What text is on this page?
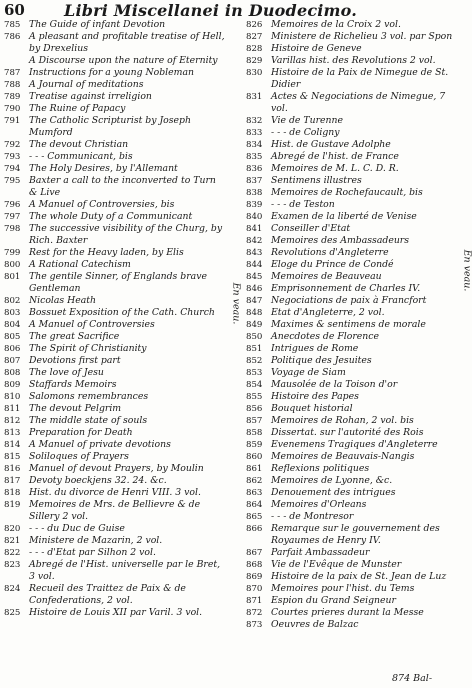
60 Libri Miscellanei in Duodecimo.
785 The Guide of infant Devotion
786 A pleasant and profitable treatise of Hell, by Drexelius
A Discourse upon the nature of Eternity
787 Instructions for a young Nobleman
788 A Journal of meditations
789 Treatise against irreligion
790 The Ruine of Papacy
791 The Catholic Scripturist by Joseph Mumford
792 The devout Christian
793 - - - Communicant, bis
794 The Holy Desires, by l'Allemant
795 Baxter a call to the inconverted to Turn & Live
796 A Manuel of Controversies, bis
797 The whole Duty of a Communicant
798 The successive visibility of the Churg, by Rich. Baxter
799 Rest for the Heavy laden, by Elis
800 A Rational Catechism
801 The gentile Sinner, of Englands brave Gentleman
802 Nicolas Heath
803 Bossuet Exposition of the Cath. Church
804 A Manuel of Controversies
805 The great Sacrifice
806 The Spirit of Christianity
807 Devotions first part
808 The love of Jesu
809 Staffards Memoirs
810 Salomons remembrances
811 The devout Pelgrim
812 The middle state of souls
813 Preparation for Death
814 A Manuel of private devotions
815 Soliloques of Prayers
816 Manuel of devout Prayers, by Moulin
817 Devoty boeckjens 32. 24. &c.
818 Hist. du divorce de Henri VIII. 3 vol.
819 Memoires de Mrs. de Bellievre & de Sillery 2 vol.
820 - - - du Duc de Guise
821 Ministere de Mazarin, 2 vol.
822 - - - d'Etat par Silhon 2 vol.
823 Abregé de l'Hist. universelle par le Bret, 3 vol.
824 Recueil des Traittez de Paix & de Confederations, 2 vol.
825 Histoire de Louis XII par Varil. 3 vol.
826 Memoires de la Croix 2 vol.
827 Ministere de Richelieu 3 vol. par Spon
828 Histoire de Geneve
829 Varillas hist. des Revolutions 2 vol.
830 Histoire de la Paix de Nimegue de St. Didier
831 Actes & Negociations de Nimegue, 7 vol.
832 Vie de Turenne
833 - - - de Coligny
834 Hist. de Gustave Adolphe
835 Abregé de l'hist. de France
836 Memoires de M. L. C. D. R.
837 Sentimens illustres
838 Memoires de Rochefaucault, bis
839 - - - de Teston
840 Examen de la liberté de Venise
841 Conseiller d'Etat
842 Memoires des Ambassadeurs
843 Revolutions d'Angleterre
844 Eloge du Prince de Condé
845 Memoires de Beauveau
846 Emprisonnement de Charles IV.
847 Negociations de paix à Francfort
848 Etat d'Angleterre, 2 vol.
849 Maximes & sentimens de morale
850 Anecdotes de Florence
851 Intrigues de Rome
852 Politique des Jesuites
853 Voyage de Siam
854 Mausolée de la Toison d'or
855 Histoire des Papes
856 Bouquet historial
857 Memoires de Rohan, 2 vol. bis
858 Dissertat. sur l'autorité des Rois
859 Evenemens Tragiques d'Angleterre
860 Memoires de Beauvais-Nangis
861 Reflexions politiques
862 Memoires de Lyonne, &c.
863 Denouement des intrigues
864 Memoires d'Orleans
865 - - - de Montresor
866 Remarque sur le gouvernement des Royaumes de Henry IV.
867 Parfait Ambassadeur
868 Vie de l'Evêque de Munster
869 Histoire de la paix de St. Jean de Luz
870 Memoires pour l'hist. du Tems
871 Espion du Grand Seigneur
872 Courtes prieres durant la Messe
873 Oeuvres de Balzac
En veau.
En veau.
874 Bal-
